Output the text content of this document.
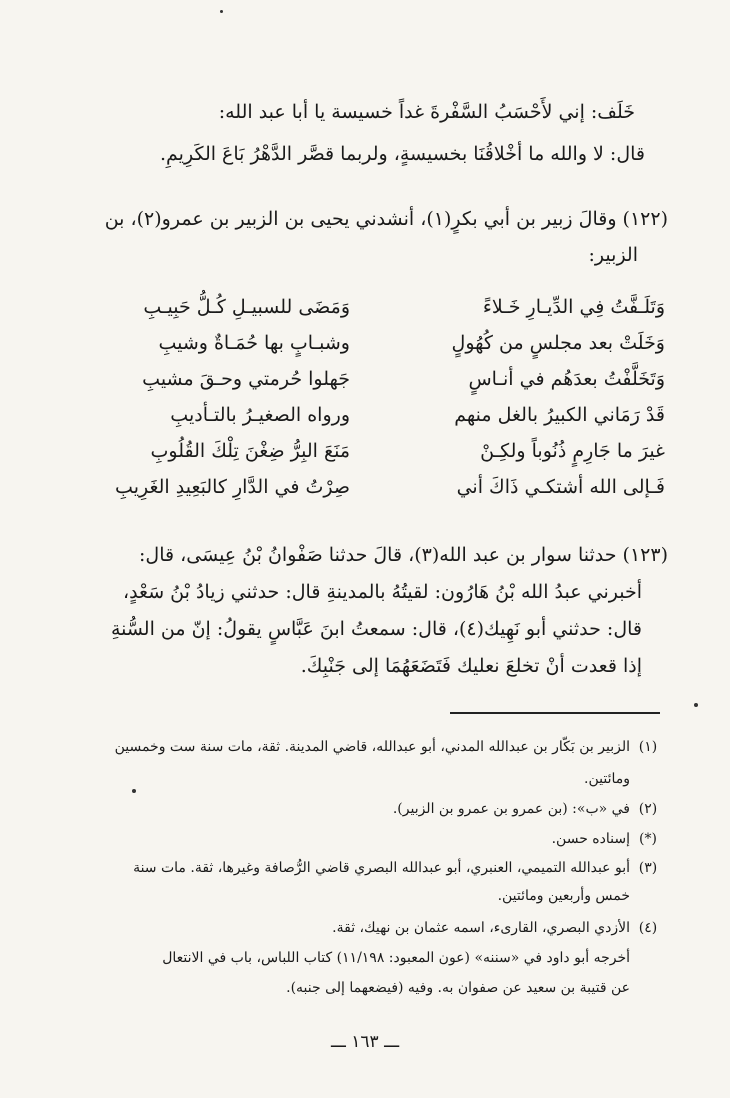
خَلَف: إني لأَحْسَبُ السَّفْرةَ غداً خسيسة يا أبا عبد الله:
قال: لا والله ما أخْلاقُنَا بخسيسةٍ، ولربما قصَّر الدَّهْرُ بَاعَ الكَرِيمِ.
(١٢٢) وقالَ زبير بن أبي بكرٍ(١)، أنشدني يحيى بن الزبير بن عمرو(٢)، بن
الزبير:
وَتَلَـفَّتُ فِي الدِّيـارِ خَـلاءً
وَمَضَى للسبيـلِ كُـلُّ حَبِيـبِ
وَخَلَتْ بعد مجلسٍ من كُهُولٍ
وشبـابٍ بها حُمَـاةٌ وشيبِ
وَتَخَلَّفْتُ بعدَهُم في أنـاسٍ
جَهلوا حُرمتي وحـقَ مشيبِ
قَدْ رَمَاني الكبيرُ بالغل منهم
ورواه الصغيـرُ بالتـأديبِ
غيرَ ما جَارِمٍ ذُنُوباً ولكِـنْ
مَنَعَ البِرُّ ضِغْنَ تِلْكَ القُلُوبِ
فَـإلى الله أشتكـي ذَاكَ أني
صِرْتُ في الدَّارِ كالبَعِيدِ الغَرِيبِ
(١٢٣) حدثنا سوار بن عبد الله(٣)، قالَ حدثنا صَفْوانُ بْنُ عِيسَى، قال:
أخبرني عبدُ الله بْنُ هَارُون: لقيتُهُ بالمدينةِ قال: حدثني زيادُ بْنُ سَعْدٍ،
قال: حدثني أبو نَهِيك(٤)، قال: سمعتُ ابنَ عَبَّاسٍ يقولُ: إنّ من السُّنةِ
إذا قعدت أنْ تخلعَ نعليك فَتَضَعَهُمَا إلى جَنْبِكَ.
(١)
الزبير بن بَكّار بن عبدالله المدني، أبو عبدالله، قاضي المدينة. ثقة، مات سنة ست وخمسين
ومائتين.
(٢)
في «ب»: (بن عمرو بن عمرو بن الزبير).
(*)
إسناده حسن.
(٣)
أبو عبدالله التميمي، العنبري، أبو عبدالله البصري قاضي الرُّصافة وغيرها، ثقة. مات سنة
خمس وأربعين ومائتين.
(٤)
الأزدي البصري، القارىء، اسمه عثمان بن نهيك، ثقة.
أخرجه أبو داود في «سننه» (عون المعبود: ١١/١٩٨) كتاب اللباس، باب في الانتعال
عن قتيبة بن سعيد عن صفوان به. وفيه (فيضعهما إلى جنبه).
ـــ ١٦٣ ـــ
